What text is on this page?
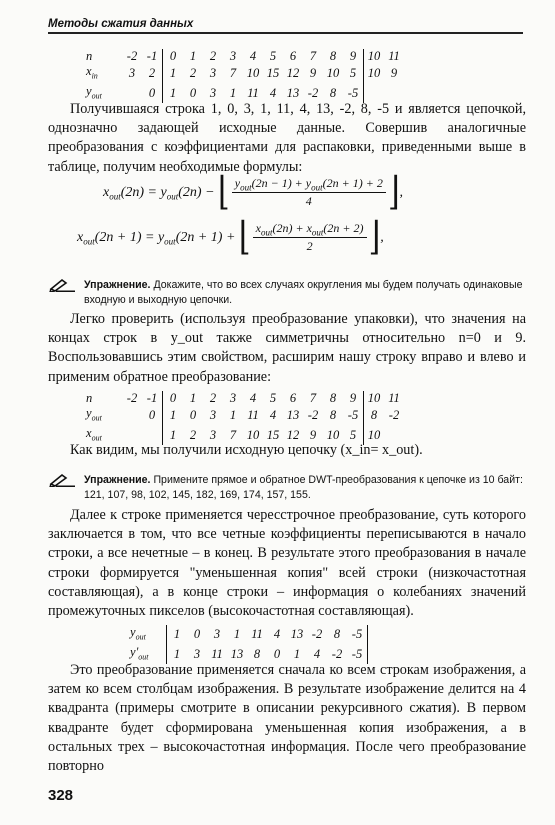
Методы сжатия данных
n	-2	-1	0	1	2	3	4	5	6	7	8	9	10	11
$x_{in}$	3	2	1	2	3	7	10	15	12	9	10	5	10	9
$y_{out}$		0	1	0	3	1	11	4	13	-2	8	-5		
Получившаяся строка 1, 0, 3, 1, 11, 4, 13, -2, 8, -5 и является цепочкой, однозначно задающей исходные данные. Совершив аналогичные преобразования с коэффициентами для распаковки, приведенными выше в таблице, получим необходимые формулы:
$x_{out}(2n) = y_{out}(2n)$ − ⌊ $\frac{y_{out}(2n - 1) + y_{out}(2n + 1) + 2}{4}$ ⌋,
$x_{out}(2n + 1) = y_{out}(2n + 1)$ + ⌊ $\frac{x_{out}(2n) + x_{out}(2n + 2)}{2}$ ⌋,
Упражнение. Докажите, что во всех случаях округления мы будем получать одинаковые входную и выходную цепочки.
Легко проверить (используя преобразование упаковки), что значения на концах строк в y_out также симметричны относительно n=0 и 9. Воспользовавшись этим свойством, расширим нашу строку вправо и влево и применим обратное преобразование:
n	-2	-1	0	1	2	3	4	5	6	7	8	9	10	11
$y_{out}$		0	1	0	3	1	11	4	13	-2	8	-5	8	-2
$x_{out}$			1	2	3	7	10	15	12	9	10	5	10	
Как видим, мы получили исходную цепочку (x_in= x_out).
Упражнение. Примените прямое и обратное DWT-преобразования к цепочке из 10 байт: 121, 107, 98, 102, 145, 182, 169, 174, 157, 155.
Далее к строке применяется чересстрочное преобразование, суть которого заключается в том, что все четные коэффициенты переписываются в начало строки, а все нечетные – в конец. В результате этого преобразования в начале строки формируется "уменьшенная копия" всей строки (низкочастотная составляющая), а в конце строки – информация о колебаниях значений промежуточных пикселов (высокочастотная составляющая).
$y_{out}$	1	0	3	1	11	4	13	-2	8	-5
$y'_{out}$	1	3	11	13	8	0	1	4	-2	-5
Это преобразование применяется сначала ко всем строкам изображения, а затем ко всем столбцам изображения. В результате изображение делится на 4 квадранта (примеры смотрите в описании рекурсивного сжатия). В первом квадранте будет сформирована уменьшенная копия изображения, а в остальных трех – высокочастотная информация. После чего преобразование повторно
328
